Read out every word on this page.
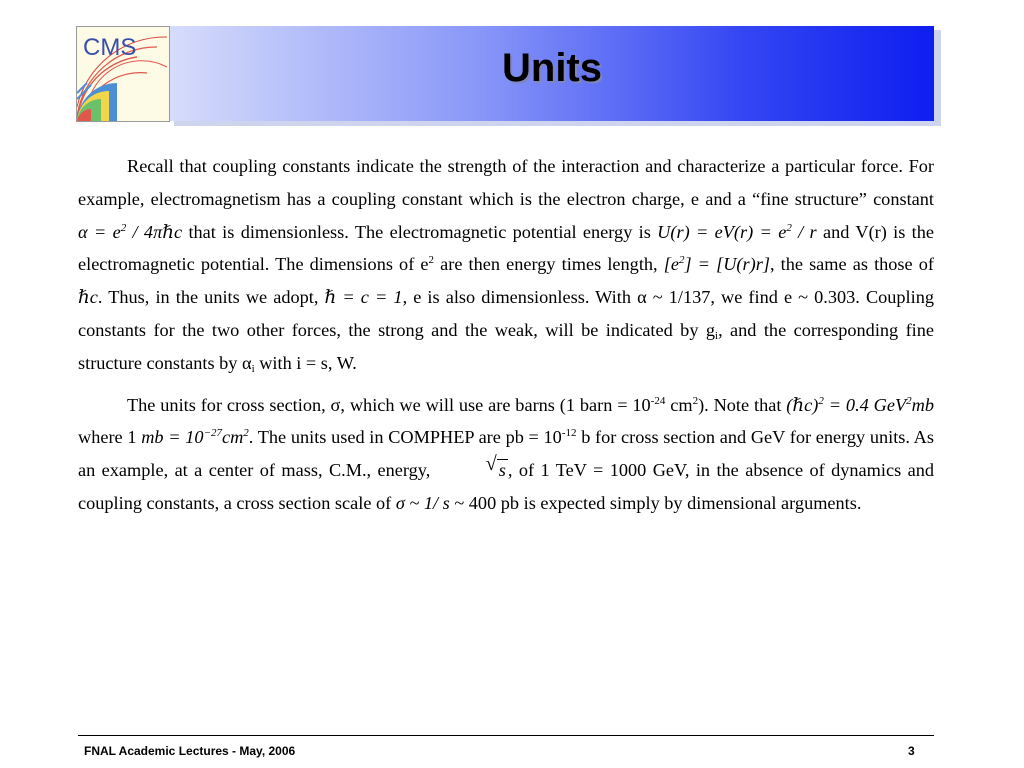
CMS	Units

Recall that coupling constants indicate the strength of the interaction and characterize a particular force. For example, electromagnetism has a coupling constant which is the electron charge, e and a “fine structure” constant $\alpha = e^2$ / 4πℏc that is dimensionless. The electromagnetic potential energy is $U(r) = eV(r) = e^2 / r$ and V(r) is the electromagnetic potential. The dimensions of $e^2$ are then energy times length, $[e^2] = [U(r)r]$, the same as those of ℏc. Thus, in the units we adopt, ℏ = c = 1, e is also dimensionless. With α ~ 1/137, we find e ~ 0.303. Coupling constants for the two other forces, the strong and the weak, will be indicated by $g_i$, and the corresponding fine structure constants by $\alpha_i$ with i = s, W.

The units for cross section, σ, which we will use are barns (1 barn = $10^{-24}$ $cm^2$). Note that (ℏc)$^2$ = 0.4 GeV$^2$mb where 1 mb = $10^{-27}cm^2$. The units used in COMPHEP are pb = $10^{-12}$ b for cross section and GeV for energy units. As an example, at a center of mass, C.M., energy,	√ s , of 1 TeV = 1000 GeV, in the absence of dynamics and coupling constants, a cross section scale of σ ~ 1/ s ~ 400 pb is expected simply by dimensional arguments.

FNAL Academic Lectures - May, 2006	3
